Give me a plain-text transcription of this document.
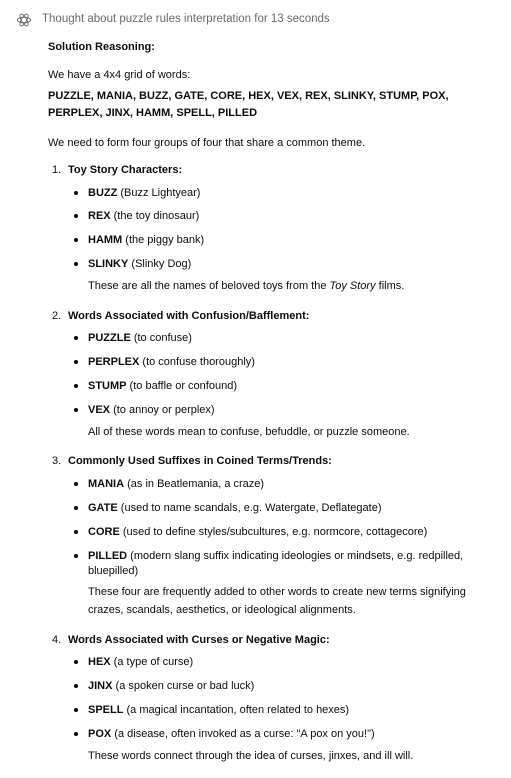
Thought about puzzle rules interpretation for 13 seconds

Solution Reasoning:

We have a 4x4 grid of words:

PUZZLE, MANIA, BUZZ, GATE, CORE, HEX, VEX, REX, SLINKY, STUMP, POX, PERPLEX, JINX, HAMM, SPELL, PILLED

We need to form four groups of four that share a common theme.

1. Toy Story Characters:

BUZZ (Buzz Lightyear)
REX (the toy dinosaur)
HAMM (the piggy bank)
SLINKY (Slinky Dog)

These are all the names of beloved toys from the Toy Story films.

2. Words Associated with Confusion/Bafflement:

PUZZLE (to confuse)
PERPLEX (to confuse thoroughly)
STUMP (to baffle or confound)
VEX (to annoy or perplex)

All of these words mean to confuse, befuddle, or puzzle someone.

3. Commonly Used Suffixes in Coined Terms/Trends:

MANIA (as in Beatlemania, a craze)
GATE (used to name scandals, e.g. Watergate, Deflategate)
CORE (used to define styles/subcultures, e.g. normcore, cottagecore)
PILLED (modern slang suffix indicating ideologies or mindsets, e.g. redpilled, bluepilled)

These four are frequently added to other words to create new terms signifying crazes, scandals, aesthetics, or ideological alignments.

4. Words Associated with Curses or Negative Magic:

HEX (a type of curse)
JINX (a spoken curse or bad luck)
SPELL (a magical incantation, often related to hexes)
POX (a disease, often invoked as a curse: "A pox on you!")

These words connect through the idea of curses, jinxes, and ill will.
